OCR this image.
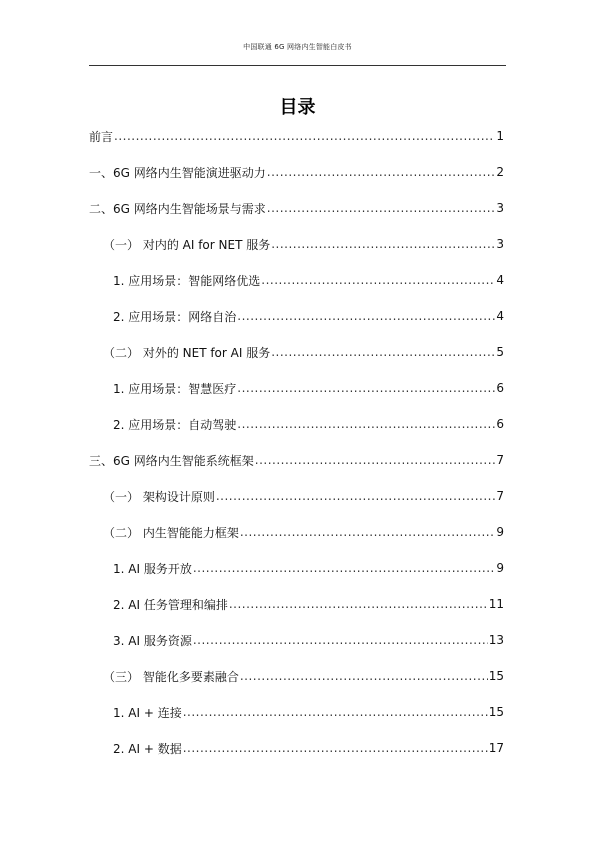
中国联通 6G 网络内生智能白皮书
目录
前言 .....	1
一、6G 网络内生智能演进驱动力 .....	2
二、6G 网络内生智能场景与需求 .....	3
（一） 对内的 AI for NET 服务 .....	3
1. 应用场景：智能网络优选 .....	4
2. 应用场景：网络自治 .....	4
（二） 对外的 NET for AI 服务 .....	5
1. 应用场景：智慧医疗 .....	6
2. 应用场景：自动驾驶 .....	6
三、6G 网络内生智能系统框架 .....	7
（一） 架构设计原则 .....	7
（二） 内生智能能力框架 .....	9
1. AI 服务开放 .....	9
2. AI 任务管理和编排 .....	11
3. AI 服务资源 .....	13
（三） 智能化多要素融合 .....	15
1. AI + 连接 .....	15
2. AI + 数据 .....	17
